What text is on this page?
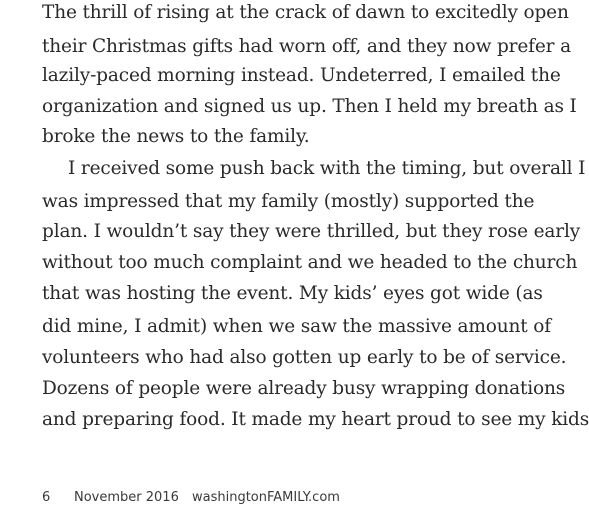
The thrill of rising at the crack of dawn to excitedly open
their Christmas gifts had worn off, and they now prefer a
lazily-paced morning instead. Undeterred, I emailed the
organization and signed us up. Then I held my breath as I
broke the news to the family.
I received some push back with the timing, but overall I
was impressed that my family (mostly) supported the
plan. I wouldn’t say they were thrilled, but they rose early
without too much complaint and we headed to the church
that was hosting the event. My kids’ eyes got wide (as
did mine, I admit) when we saw the massive amount of
volunteers who had also gotten up early to be of service.
Dozens of people were already busy wrapping donations
and preparing food. It made my heart proud to see my kids
6 November 2016 washingtonFAMILY.com
